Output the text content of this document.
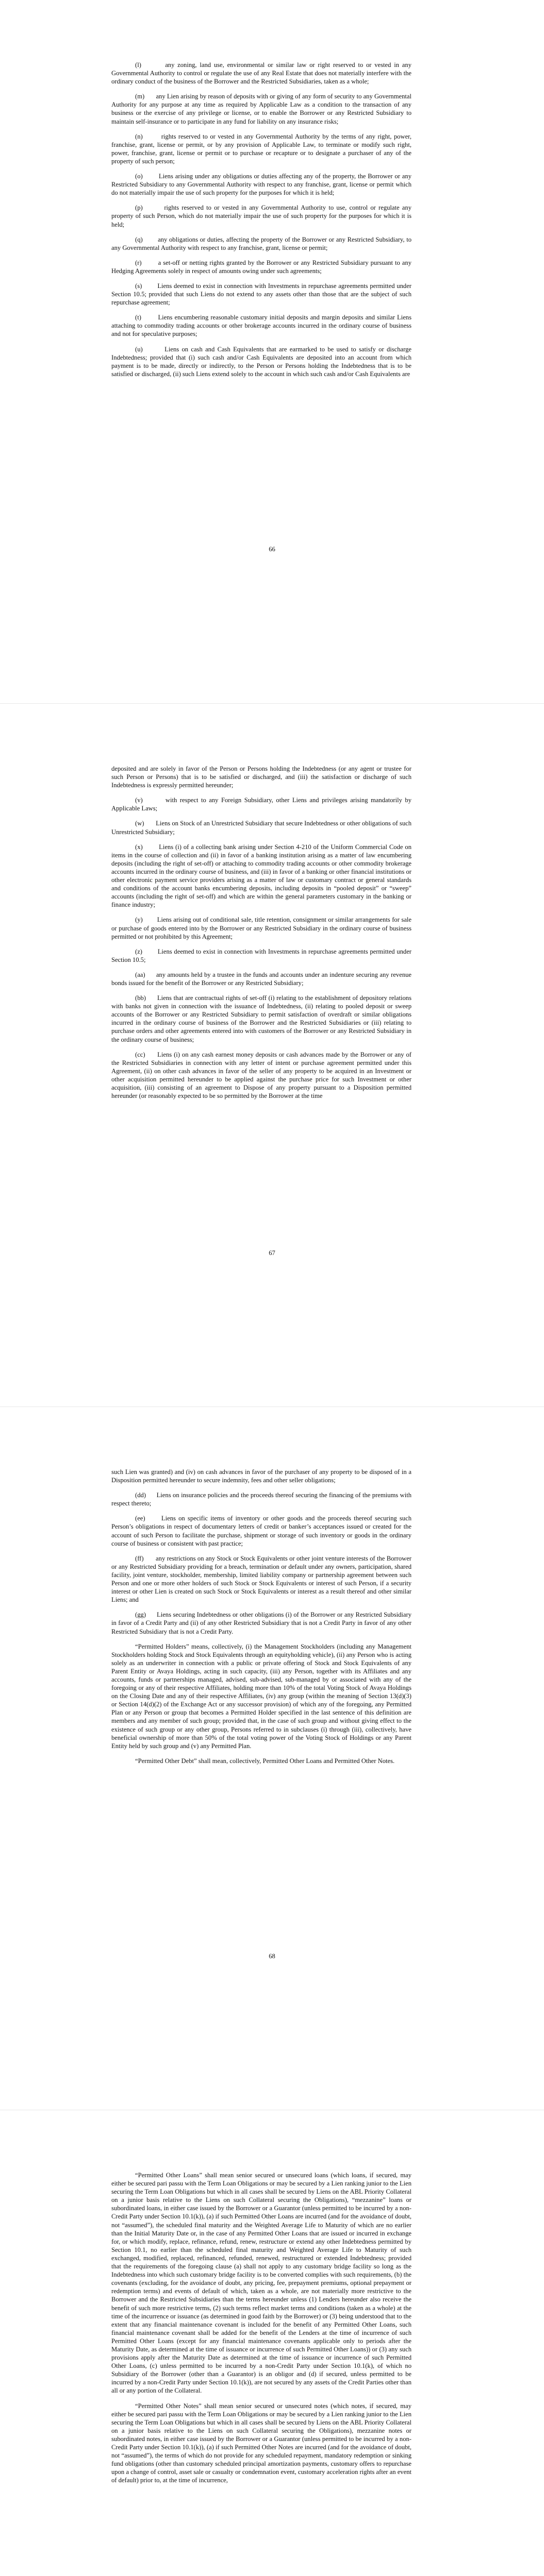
(l)        any zoning, land use, environmental or similar law or right reserved to or vested in any Governmental Authority to control or regulate the use of any Real Estate that does not materially interfere with the ordinary conduct of the business of the Borrower and the Restricted Subsidiaries, taken as a whole;

(m)       any Lien arising by reason of deposits with or giving of any form of security to any Governmental Authority for any purpose at any time as required by Applicable Law as a condition to the transaction of any business or the exercise of any privilege or license, or to enable the Borrower or any Restricted Subsidiary to maintain self-insurance or to participate in any fund for liability on any insurance risks;

(n)        rights reserved to or vested in any Governmental Authority by the terms of any right, power, franchise, grant, license or permit, or by any provision of Applicable Law, to terminate or modify such right, power, franchise, grant, license or permit or to purchase or recapture or to designate a purchaser of any of the property of such person;

(o)        Liens arising under any obligations or duties affecting any of the property, the Borrower or any Restricted Subsidiary to any Governmental Authority with respect to any franchise, grant, license or permit which do not materially impair the use of such property for the purposes for which it is held;

(p)        rights reserved to or vested in any Governmental Authority to use, control or regulate any property of such Person, which do not materially impair the use of such property for the purposes for which it is held;

(q)        any obligations or duties, affecting the property of the Borrower or any Restricted Subsidiary, to any Governmental Authority with respect to any franchise, grant, license or permit;

(r)        a set-off or netting rights granted by the Borrower or any Restricted Subsidiary pursuant to any Hedging Agreements solely in respect of amounts owing under such agreements;

(s)        Liens deemed to exist in connection with Investments in repurchase agreements permitted under Section 10.5; provided that such Liens do not extend to any assets other than those that are the subject of such repurchase agreement;

(t)        Liens encumbering reasonable customary initial deposits and margin deposits and similar Liens attaching to commodity trading accounts or other brokerage accounts incurred in the ordinary course of business and not for speculative purposes;

(u)        Liens on cash and Cash Equivalents that are earmarked to be used to satisfy or discharge Indebtedness; provided that (i) such cash and/or Cash Equivalents are deposited into an account from which payment is to be made, directly or indirectly, to the Person or Persons holding the Indebtedness that is to be satisfied or discharged, (ii) such Liens extend solely to the account in which such cash and/or Cash Equivalents are

66

deposited and are solely in favor of the Person or Persons holding the Indebtedness (or any agent or trustee for such Person or Persons) that is to be satisfied or discharged, and (iii) the satisfaction or discharge of such Indebtedness is expressly permitted hereunder;

(v)        with respect to any Foreign Subsidiary, other Liens and privileges arising mandatorily by Applicable Laws;

(w)       Liens on Stock of an Unrestricted Subsidiary that secure Indebtedness or other obligations of such Unrestricted Subsidiary;

(x)        Liens (i) of a collecting bank arising under Section 4-210 of the Uniform Commercial Code on items in the course of collection and (ii) in favor of a banking institution arising as a matter of law encumbering deposits (including the right of set-off) or attaching to commodity trading accounts or other commodity brokerage accounts incurred in the ordinary course of business, and (iii) in favor of a banking or other financial institutions or other electronic payment service providers arising as a matter of law or customary contract or general standards and conditions of the account banks encumbering deposits, including deposits in “pooled deposit” or “sweep” accounts (including the right of set-off) and which are within the general parameters customary in the banking or finance industry;

(y)        Liens arising out of conditional sale, title retention, consignment or similar arrangements for sale or purchase of goods entered into by the Borrower or any Restricted Subsidiary in the ordinary course of business permitted or not prohibited by this Agreement;

(z)        Liens deemed to exist in connection with Investments in repurchase agreements permitted under Section 10.5;

(aa)      any amounts held by a trustee in the funds and accounts under an indenture securing any revenue bonds issued for the benefit of the Borrower or any Restricted Subsidiary;

(bb)      Liens that are contractual rights of set-off (i) relating to the establishment of depository relations with banks not given in connection with the issuance of Indebtedness, (ii) relating to pooled deposit or sweep accounts of the Borrower or any Restricted Subsidiary to permit satisfaction of overdraft or similar obligations incurred in the ordinary course of business of the Borrower and the Restricted Subsidiaries or (iii) relating to purchase orders and other agreements entered into with customers of the Borrower or any Restricted Subsidiary in the ordinary course of business;

(cc)      Liens (i) on any cash earnest money deposits or cash advances made by the Borrower or any of the Restricted Subsidiaries in connection with any letter of intent or purchase agreement permitted under this Agreement, (ii) on other cash advances in favor of the seller of any property to be acquired in an Investment or other acquisition permitted hereunder to be applied against the purchase price for such Investment or other acquisition, (iii) consisting of an agreement to Dispose of any property pursuant to a Disposition permitted hereunder (or reasonably expected to be so permitted by the Borrower at the time

67

such Lien was granted) and (iv) on cash advances in favor of the purchaser of any property to be disposed of in a Disposition permitted hereunder to secure indemnity, fees and other seller obligations;

(dd)      Liens on insurance policies and the proceeds thereof securing the financing of the premiums with respect thereto;

(ee)      Liens on specific items of inventory or other goods and the proceeds thereof securing such Person’s obligations in respect of documentary letters of credit or banker’s acceptances issued or created for the account of such Person to facilitate the purchase, shipment or storage of such inventory or goods in the ordinary course of business or consistent with past practice;

(ff)       any restrictions on any Stock or Stock Equivalents or other joint venture interests of the Borrower or any Restricted Subsidiary providing for a breach, termination or default under any owners, participation, shared facility, joint venture, stockholder, membership, limited liability company or partnership agreement between such Person and one or more other holders of such Stock or Stock Equivalents or interest of such Person, if a security interest or other Lien is created on such Stock or Stock Equivalents or interest as a result thereof and other similar Liens; and

(gg)      Liens securing Indebtedness or other obligations (i) of the Borrower or any Restricted Subsidiary in favor of a Credit Party and (ii) of any other Restricted Subsidiary that is not a Credit Party in favor of any other Restricted Subsidiary that is not a Credit Party.

“Permitted Holders” means, collectively, (i) the Management Stockholders (including any Management Stockholders holding Stock and Stock Equivalents through an equityholding vehicle), (ii) any Person who is acting solely as an underwriter in connection with a public or private offering of Stock and Stock Equivalents of any Parent Entity or Avaya Holdings, acting in such capacity, (iii) any Person, together with its Affiliates and any accounts, funds or partnerships managed, advised, sub-advised, sub-managed by or associated with any of the foregoing or any of their respective Affiliates, holding more than 10% of the total Voting Stock of Avaya Holdings on the Closing Date and any of their respective Affiliates, (iv) any group (within the meaning of Section 13(d)(3) or Section 14(d)(2) of the Exchange Act or any successor provision) of which any of the foregoing, any Permitted Plan or any Person or group that becomes a Permitted Holder specified in the last sentence of this definition are members and any member of such group; provided that, in the case of such group and without giving effect to the existence of such group or any other group, Persons referred to in subclauses (i) through (iii), collectively, have beneficial ownership of more than 50% of the total voting power of the Voting Stock of Holdings or any Parent Entity held by such group and (v) any Permitted Plan.

“Permitted Other Debt” shall mean, collectively, Permitted Other Loans and Permitted Other Notes.

68

“Permitted Other Loans” shall mean senior secured or unsecured loans (which loans, if secured, may either be secured pari passu with the Term Loan Obligations or may be secured by a Lien ranking junior to the Lien securing the Term Loan Obligations but which in all cases shall be secured by Liens on the ABL Priority Collateral on a junior basis relative to the Liens on such Collateral securing the Obligations), “mezzanine” loans or subordinated loans, in either case issued by the Borrower or a Guarantor (unless permitted to be incurred by a non-Credit Party under Section 10.1(k)), (a) if such Permitted Other Loans are incurred (and for the avoidance of doubt, not “assumed”), the scheduled final maturity and the Weighted Average Life to Maturity of which are no earlier than the Initial Maturity Date or, in the case of any Permitted Other Loans that are issued or incurred in exchange for, or which modify, replace, refinance, refund, renew, restructure or extend any other Indebtedness permitted by Section 10.1, no earlier than the scheduled final maturity and Weighted Average Life to Maturity of such exchanged, modified, replaced, refinanced, refunded, renewed, restructured or extended Indebtedness; provided that the requirements of the foregoing clause (a) shall not apply to any customary bridge facility so long as the Indebtedness into which such customary bridge facility is to be converted complies with such requirements, (b) the covenants (excluding, for the avoidance of doubt, any pricing, fee, prepayment premiums, optional prepayment or redemption terms) and events of default of which, taken as a whole, are not materially more restrictive to the Borrower and the Restricted Subsidiaries than the terms hereunder unless (1) Lenders hereunder also receive the benefit of such more restrictive terms, (2) such terms reflect market terms and conditions (taken as a whole) at the time of the incurrence or issuance (as determined in good faith by the Borrower) or (3) being understood that to the extent that any financial maintenance covenant is included for the benefit of any Permitted Other Loans, such financial maintenance covenant shall be added for the benefit of the Lenders at the time of incurrence of such Permitted Other Loans (except for any financial maintenance covenants applicable only to periods after the Maturity Date, as determined at the time of issuance or incurrence of such Permitted Other Loans)) or (3) any such provisions apply after the Maturity Date as determined at the time of issuance or incurrence of such Permitted Other Loans, (c) unless permitted to be incurred by a non-Credit Party under Section 10.1(k), of which no Subsidiary of the Borrower (other than a Guarantor) is an obligor and (d) if secured, unless permitted to be incurred by a non-Credit Party under Section 10.1(k)), are not secured by any assets of the Credit Parties other than all or any portion of the Collateral.

“Permitted Other Notes” shall mean senior secured or unsecured notes (which notes, if secured, may either be secured pari passu with the Term Loan Obligations or may be secured by a Lien ranking junior to the Lien securing the Term Loan Obligations but which in all cases shall be secured by Liens on the ABL Priority Collateral on a junior basis relative to the Liens on such Collateral securing the Obligations), mezzanine notes or subordinated notes, in either case issued by the Borrower or a Guarantor (unless permitted to be incurred by a non-Credit Party under Section 10.1(k)), (a) if such Permitted Other Notes are incurred (and for the avoidance of doubt, not “assumed”), the terms of which do not provide for any scheduled repayment, mandatory redemption or sinking fund obligations (other than customary scheduled principal amortization payments, customary offers to repurchase upon a change of control, asset sale or casualty or condemnation event, customary acceleration rights after an event of default) prior to, at the time of incurrence,
